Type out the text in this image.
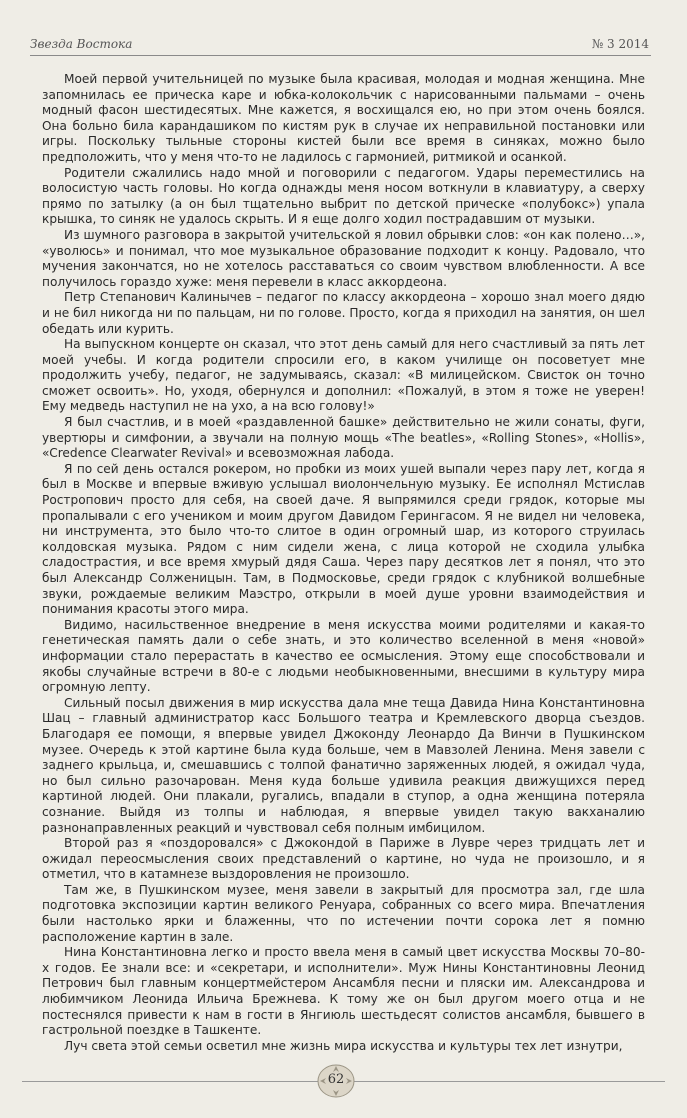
Звезда Востока	№ 3 2014

Моей первой учительницей по музыке была красивая, молодая и модная женщина. Мне запомнилась ее прическа каре и юбка-колокольчик с нарисованными пальмами – очень модный фасон шестидесятых. Мне кажется, я восхищался ею, но при этом очень боялся. Она больно била карандашиком по кистям рук в случае их неправильной постановки или игры. Поскольку тыльные стороны кистей были все время в синяках, можно было предположить, что у меня что-то не ладилось с гармонией, ритмикой и осанкой.

Родители сжалились надо мной и поговорили с педагогом. Удары переместились на волосистую часть головы. Но когда однажды меня носом воткнули в клавиатуру, а сверху прямо по затылку (а он был тщательно выбрит по детской прическе «полубокс») упала крышка, то синяк не удалось скрыть. И я еще долго ходил пострадавшим от музыки.

Из шумного разговора в закрытой учительской я ловил обрывки слов: «он как полено…», «уволюсь» и понимал, что мое музыкальное образование подходит к концу. Радовало, что мучения закончатся, но не хотелось расставаться со своим чувством влюбленности. А все получилось гораздо хуже: меня перевели в класс аккордеона.

Петр Степанович Калинычев – педагог по классу аккордеона – хорошо знал моего дядю и не бил никогда ни по пальцам, ни по голове. Просто, когда я приходил на занятия, он шел обедать или курить.

На выпускном концерте он сказал, что этот день самый для него счастливый за пять лет моей учебы. И когда родители спросили его, в каком училище он посоветует мне продолжить учебу, педагог, не задумываясь, сказал: «В милицейском. Свисток он точно сможет освоить». Но, уходя, обернулся и дополнил: «Пожалуй, в этом я тоже не уверен! Ему медведь наступил не на ухо, а на всю голову!»

Я был счастлив, и в моей «раздавленной башке» действительно не жили сонаты, фуги, увертюры и симфонии, а звучали на полную мощь «The beatles», «Rolling Stones», «Hollis», «Credence Clearwater Revival» и всевозможная лабода.

Я по сей день остался рокером, но пробки из моих ушей выпали через пару лет, когда я был в Москве и впервые вживую услышал виолончельную музыку. Ее исполнял Мстислав Ростропович просто для себя, на своей даче. Я выпрямился среди грядок, которые мы пропалывали с его учеником и моим другом Давидом Герингасом. Я не видел ни человека, ни инструмента, это было что-то слитое в один огромный шар, из которого струилась колдовская музыка. Рядом с ним сидели жена, с лица которой не сходила улыбка сладострастия, и все время хмурый дядя Саша. Через пару десятков лет я понял, что это был Александр Солженицын. Там, в Подмосковье, среди грядок с клубникой волшебные звуки, рождаемые великим Маэстро, открыли в моей душе уровни взаимодействия и понимания красоты этого мира.

Видимо, насильственное внедрение в меня искусства моими родителями и какая-то генетическая память дали о себе знать, и это количество вселенной в меня «новой» информации стало перерастать в качество ее осмысления. Этому еще способствовали и якобы случайные встречи в 80-е с людьми необыкновенными, внесшими в культуру мира огромную лепту.

Сильный посыл движения в мир искусства дала мне теща Давида Нина Константиновна Шац – главный администратор касс Большого театра и Кремлевского дворца съездов. Благодаря ее помощи, я впервые увидел Джоконду Леонардо Да Винчи в Пушкинском музее. Очередь к этой картине была куда больше, чем в Мавзолей Ленина. Меня завели с заднего крыльца, и, смешавшись с толпой фанатично заряженных людей, я ожидал чуда, но был сильно разочарован. Меня куда больше удивила реакция движущихся перед картиной людей. Они плакали, ругались, впадали в ступор, а одна женщина потеряла сознание. Выйдя из толпы и наблюдая, я впервые увидел такую вакханалию разнонаправленных реакций и чувствовал себя полным имбицилом.

Второй раз я «поздоровался» с Джокондой в Париже в Лувре через тридцать лет и ожидал переосмысления своих представлений о картине, но чуда не произошло, и я отметил, что в катамнезе выздоровления не произошло.

Там же, в Пушкинском музее, меня завели в закрытый для просмотра зал, где шла подготовка экспозиции картин великого Ренуара, собранных со всего мира. Впечатления были настолько ярки и блаженны, что по истечении почти сорока лет я помню расположение картин в зале.

Нина Константиновна легко и просто ввела меня в самый цвет искусства Москвы 70–80-х годов. Ее знали все: и «секретари, и исполнители». Муж Нины Константиновны Леонид Петрович был главным концертмейстером Ансамбля песни и пляски им. Александрова и любимчиком Леонида Ильича Брежнева. К тому же он был другом моего отца и не постеснялся привести к нам в гости в Янгиюль шестьдесят солистов ансамбля, бывшего в гастрольной поездке в Ташкенте.

Луч света этой семьи осветил мне жизнь мира искусства и культуры тех лет изнутри,

62
